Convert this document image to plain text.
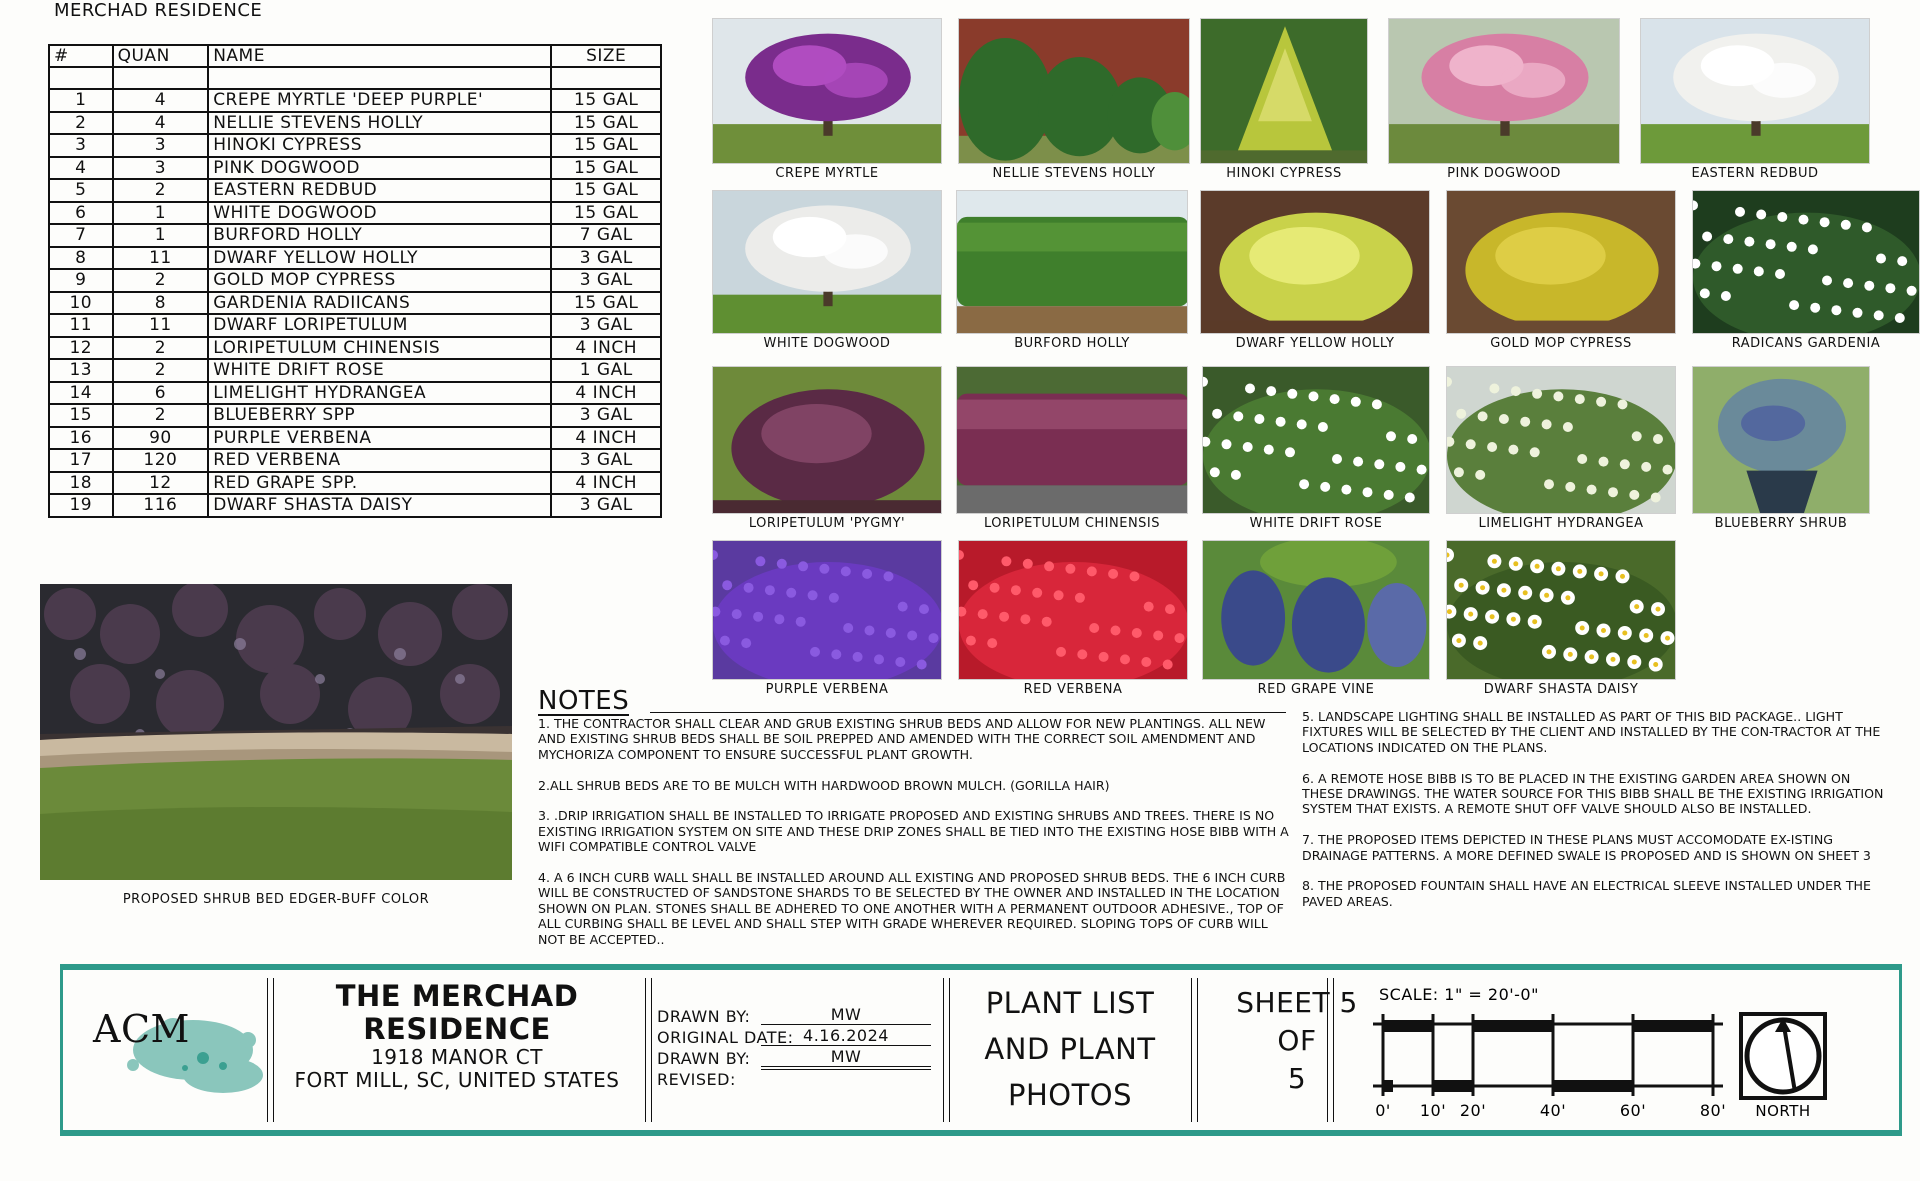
MERCHAD RESIDENCE
#	QUAN	NAME	SIZE

1	4	CREPE MYRTLE 'DEEP PURPLE'	15 GAL
2	4	NELLIE STEVENS HOLLY	15 GAL
3	3	HINOKI CYPRESS	15 GAL
4	3	PINK DOGWOOD	15 GAL
5	2	EASTERN REDBUD	15 GAL
6	1	WHITE DOGWOOD	15 GAL
7	1	BURFORD HOLLY	7 GAL
8	11	DWARF YELLOW HOLLY	3 GAL
9	2	GOLD MOP CYPRESS	3 GAL
10	8	GARDENIA RADIICANS	15 GAL
11	11	DWARF LORIPETULUM	3 GAL
12	2	LORIPETULUM CHINENSIS	4 INCH
13	2	WHITE DRIFT ROSE	1 GAL
14	6	LIMELIGHT HYDRANGEA	4 INCH
15	2	BLUEBERRY SPP	3 GAL
16	90	PURPLE VERBENA	4 INCH
17	120	RED VERBENA	3 GAL
18	12	RED GRAPE SPP.	4 INCH
19	116	DWARF SHASTA DAISY	3 GAL
CREPE MYRTLE	NELLIE STEVENS HOLLY	HINOKI CYPRESS	PINK DOGWOOD	EASTERN REDBUD
WHITE DOGWOOD	BURFORD HOLLY	DWARF YELLOW HOLLY	GOLD MOP CYPRESS	RADICANS GARDENIA
LORIPETULUM 'PYGMY'	LORIPETULUM CHINENSIS	WHITE DRIFT ROSE	LIMELIGHT HYDRANGEA	BLUEBERRY SHRUB
PURPLE VERBENA	RED VERBENA	RED GRAPE VINE	DWARF SHASTA DAISY
PROPOSED SHRUB BED EDGER-BUFF COLOR
NOTES

1. THE CONTRACTOR SHALL CLEAR AND GRUB EXISTING SHRUB BEDS AND ALLOW FOR NEW PLANTINGS. ALL NEW AND EXISTING SHRUB BEDS SHALL BE SOIL PREPPED AND AMENDED WITH THE CORRECT SOIL AMENDMENT AND MYCHORIZA COMPONENT TO ENSURE SUCCESSFUL PLANT GROWTH.

2.ALL SHRUB BEDS ARE TO BE MULCH WITH HARDWOOD BROWN MULCH. (GORILLA HAIR)

3. .DRIP IRRIGATION SHALL BE INSTALLED TO IRRIGATE PROPOSED AND EXISTING SHRUBS AND TREES. THERE IS NO EXISTING IRRIGATION SYSTEM ON SITE AND THESE DRIP ZONES SHALL BE TIED INTO THE EXISTING HOSE BIBB WITH A WIFI COMPATIBLE CONTROL VALVE

4. A 6 INCH CURB WALL SHALL BE INSTALLED AROUND ALL EXISTING AND PROPOSED SHRUB BEDS. THE 6 INCH CURB WILL BE CONSTRUCTED OF SANDSTONE SHARDS TO BE SELECTED BY THE OWNER AND INSTALLED IN THE LOCATION SHOWN ON PLAN. STONES SHALL BE ADHERED TO ONE ANOTHER WITH A PERMANENT OUTDOOR ADHESIVE., TOP OF ALL CURBING SHALL BE LEVEL AND SHALL STEP WITH GRADE WHEREVER REQUIRED. SLOPING TOPS OF CURB WILL NOT BE ACCEPTED..

5. LANDSCAPE LIGHTING SHALL BE INSTALLED AS PART OF THIS BID PACKAGE.. LIGHT FIXTURES WILL BE SELECTED BY THE CLIENT AND INSTALLED BY THE CON-TRACTOR AT THE LOCATIONS INDICATED ON THE PLANS.

6. A REMOTE HOSE BIBB IS TO BE PLACED IN THE EXISTING GARDEN AREA SHOWN ON THESE DRAWINGS. THE WATER SOURCE FOR THIS BIBB SHALL BE THE EXISTING IRRIGATION SYSTEM THAT EXISTS. A REMOTE SHUT OFF VALVE SHOULD ALSO BE INSTALLED.

7. THE PROPOSED ITEMS DEPICTED IN THESE PLANS MUST ACCOMODATE EX-ISTING DRAINAGE PATTERNS. A MORE DEFINED SWALE IS PROPOSED AND IS SHOWN ON SHEET 3

8. THE PROPOSED FOUNTAIN SHALL HAVE AN ELECTRICAL SLEEVE INSTALLED UNDER THE PAVED AREAS.

ACM
THE MERCHAD
RESIDENCE
1918 MANOR CT
FORT MILL, SC, UNITED STATES
DRAWN BY:	MW
ORIGINAL DATE: 4.16.2024
DRAWN BY:	MW
REVISED:
PLANT LIST
AND PLANT
PHOTOS
SHEET 5
OF
5
SCALE: 1" = 20'-0"
0' 10' 20'	40'	60'	80' NORTH
